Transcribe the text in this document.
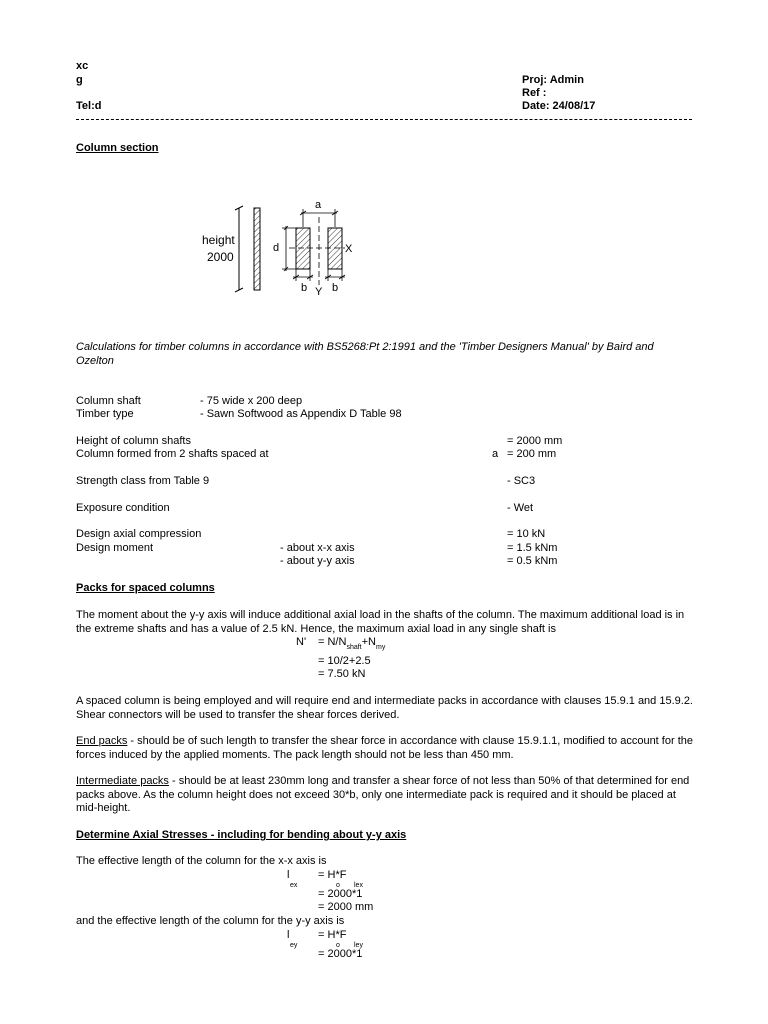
xc
g
Tel:d
Proj: Admin
Ref :
Date: 24/08/17
Column section
height
2000
a
d	X
Y
b b
Calculations for timber columns in accordance with BS5268:Pt 2:1991 and the 'Timber Designers Manual' by Baird and Ozelton
Column shaft	- 75 wide x 200 deep
Timber type	- Sawn Softwood as Appendix D Table 98
Height of column shafts	= 2000 mm
Column formed from 2 shafts spaced at	a = 200 mm
Strength class from Table 9	- SC3
Exposure condition	- Wet
Design axial compression	= 10 kN
Design moment	- about x-x axis	= 1.5 kNm
- about y-y axis	= 0.5 kNm
Packs for spaced columns
The moment about the y-y axis will induce additional axial load in the shafts of the column. The maximum additional load is in the extreme shafts and has a value of 2.5 kN. Hence, the maximum axial load in any single shaft is
$N' = N/N_{shaft}+N_{my}$
= 10/2+2.5
= 7.50 kN
A spaced column is being employed and will require end and intermediate packs in accordance with clauses 15.9.1 and 15.9.2. Shear connectors will be used to transfer the shear forces derived.
End packs - should be of such length to transfer the shear force in accordance with clause 15.9.1.1, modified to account for the forces induced by the applied moments. The pack length should not be less than 450 mm.
Intermediate packs - should be at least 230mm long and transfer a shear force of not less than 50% of that determined for end packs above. As the column height does not exceed 30*b, only one intermediate pack is required and it should be placed at mid-height.
Determine Axial Stresses - including for bending about y-y axis
The effective length of the column for the x-x axis is
l
ex
= H*F
o lex
= 2000*1
= 2000 mm
and the effective length of the column for the y-y axis is
l
ey
= H*F
o ley
= 2000*1
